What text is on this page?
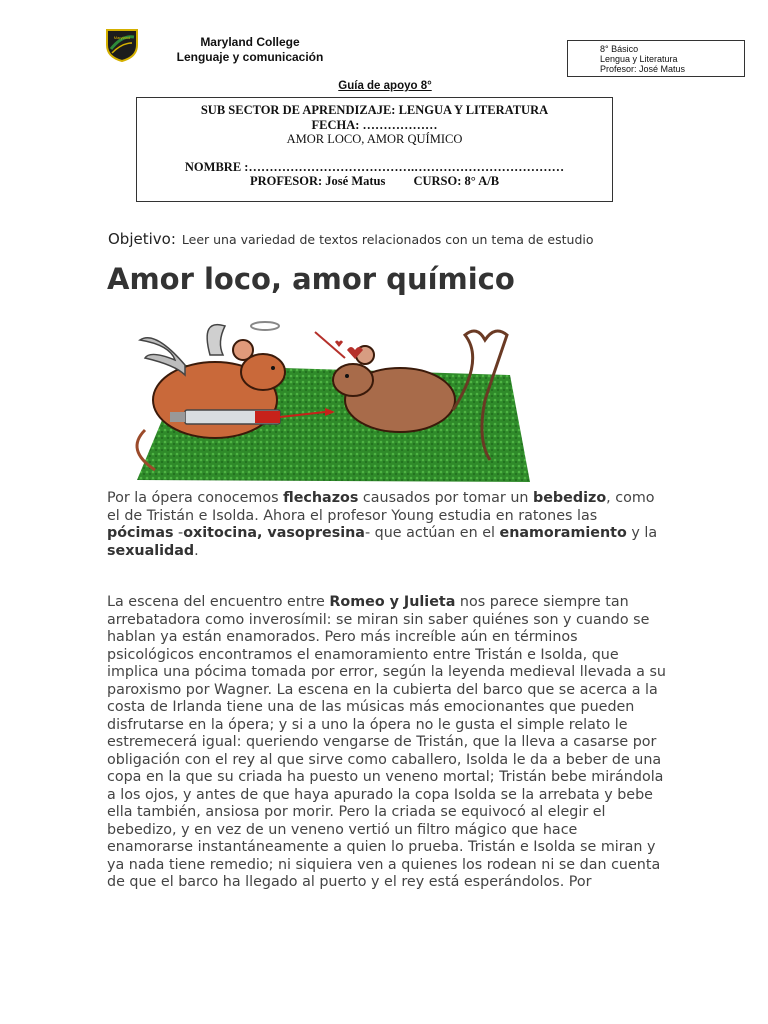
Maryland	Maryland College
Lenguaje y comunicación
8° Básico
Lengua y Literatura
Profesor: José Matus
Guía de apoyo 8°
SUB SECTOR DE APRENDIZAJE: LENGUA Y LITERATURA
FECHA: ………………
AMOR LOCO, AMOR QUÍMICO
NOMBRE :………………………………….………………………………
PROFESOR: José Matus         CURSO: 8° A/B
Objetivo: Leer una variedad de textos relacionados con un tema de estudio
Amor loco, amor químico
Por la ópera conocemos flechazos causados por tomar un bebedizo, como el de Tristán e Isolda. Ahora el profesor Young estudia en ratones las pócimas -oxitocina, vasopresina- que actúan en el enamoramiento y la sexualidad.
La escena del encuentro entre Romeo y Julieta nos parece siempre tan arrebatadora como inverosímil: se miran sin saber quiénes son y cuando se hablan ya están enamorados. Pero más increíble aún en términos psicológicos encontramos el enamoramiento entre Tristán e Isolda, que implica una pócima tomada por error, según la leyenda medieval llevada a su paroxismo por Wagner. La escena en la cubierta del barco que se acerca a la costa de Irlanda tiene una de las músicas más emocionantes que pueden disfrutarse en la ópera; y si a uno la ópera no le gusta el simple relato le estremecerá igual: queriendo vengarse de Tristán, que la lleva a casarse por obligación con el rey al que sirve como caballero, Isolda le da a beber de una copa en la que su criada ha puesto un veneno mortal; Tristán bebe mirándola a los ojos, y antes de que haya apurado la copa Isolda se la arrebata y bebe ella también, ansiosa por morir. Pero la criada se equivocó al elegir el bebedizo, y en vez de un veneno vertió un filtro mágico que hace enamorarse instantáneamente a quien lo prueba. Tristán e Isolda se miran y ya nada tiene remedio; ni siquiera ven a quienes los rodean ni se dan cuenta de que el barco ha llegado al puerto y el rey está esperándolos. Por
